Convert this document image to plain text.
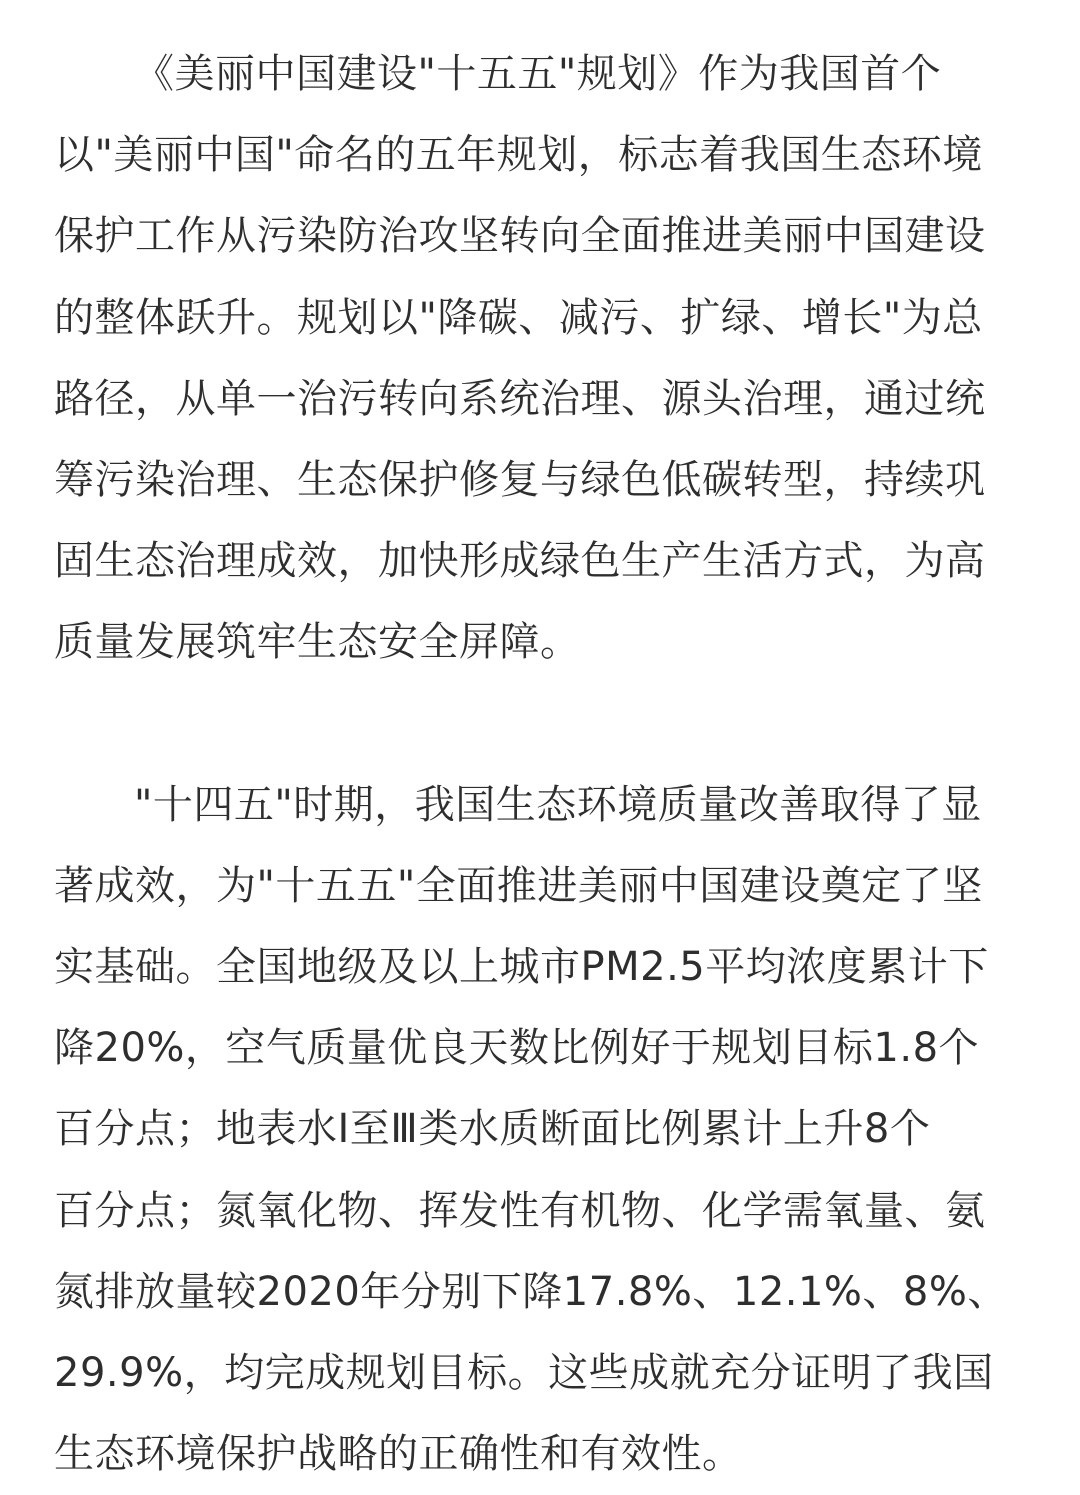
《美丽中国建设"十五五"规划》作为我国首个
以"美丽中国"命名的五年规划，标志着我国生态环境
保护工作从污染防治攻坚转向全面推进美丽中国建设
的整体跃升。规划以"降碳、减污、扩绿、增长"为总
路径，从单一治污转向系统治理、源头治理，通过统
筹污染治理、生态保护修复与绿色低碳转型，持续巩
固生态治理成效，加快形成绿色生产生活方式，为高
质量发展筑牢生态安全屏障。

"十四五"时期，我国生态环境质量改善取得了显
著成效，为"十五五"全面推进美丽中国建设奠定了坚
实基础。全国地级及以上城市PM2.5平均浓度累计下
降20%，空气质量优良天数比例好于规划目标1.8个
百分点；地表水Ⅰ至Ⅲ类水质断面比例累计上升8个
百分点；氮氧化物、挥发性有机物、化学需氧量、氨
氮排放量较2020年分别下降17.8%、12.1%、8%、
29.9%，均完成规划目标。这些成就充分证明了我国
生态环境保护战略的正确性和有效性。
